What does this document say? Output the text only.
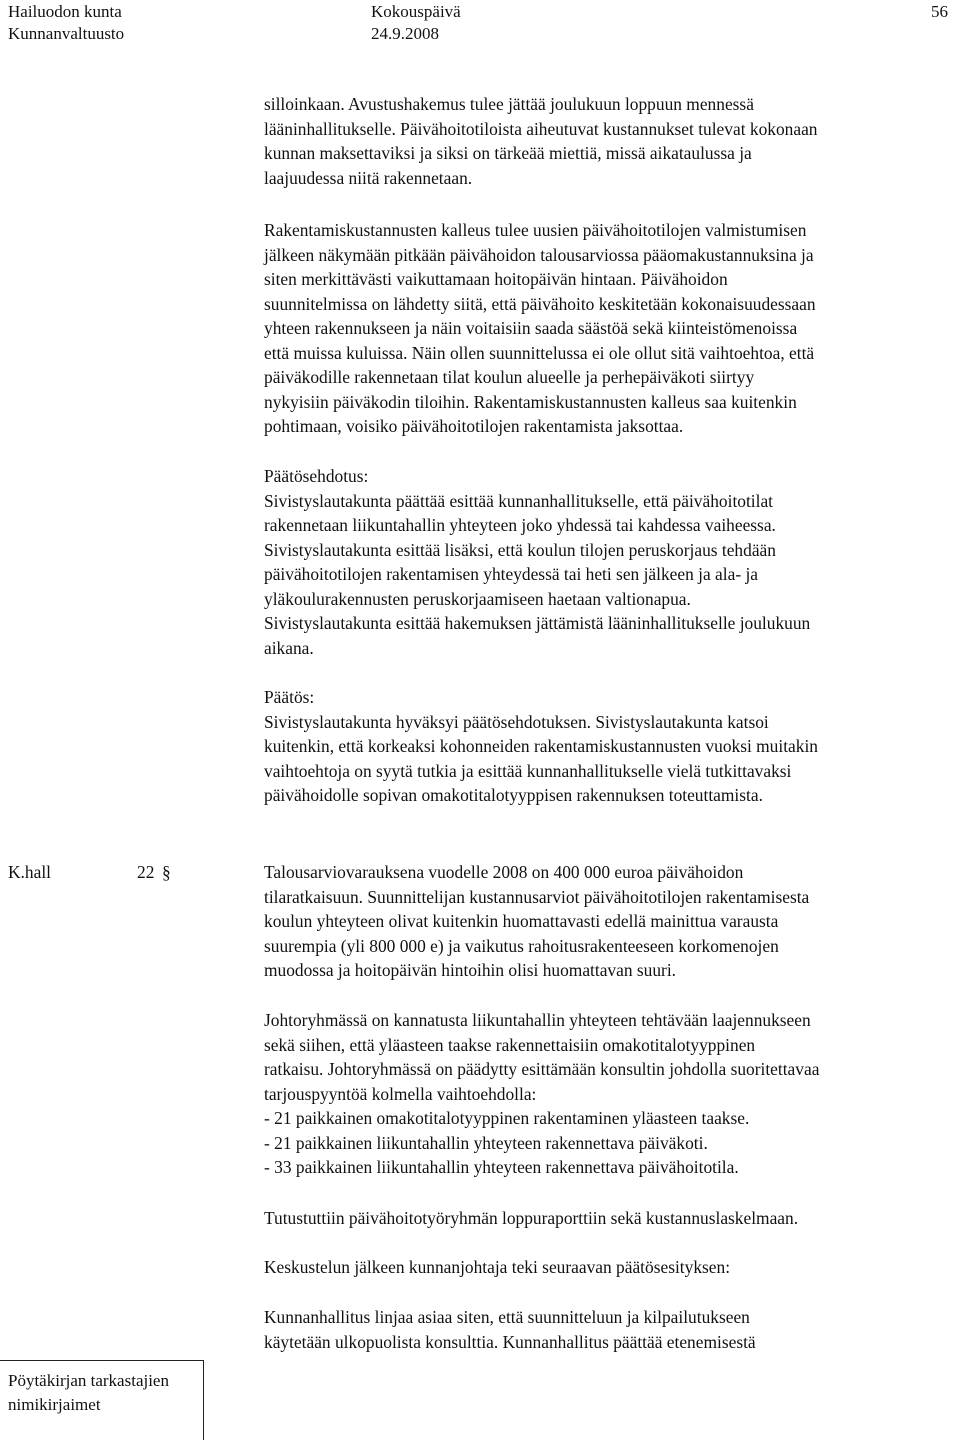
Hailuodon kunta
Kunnanvaltuusto
Kokouspäivä
24.9.2008
56
silloinkaan. Avustushakemus tulee jättää joulukuun loppuun mennessä
lääninhallitukselle. Päivähoitotiloista aiheutuvat kustannukset tulevat kokonaan
kunnan maksettaviksi ja siksi on tärkeää miettiä, missä aikataulussa ja
laajuudessa niitä rakennetaan.
Rakentamiskustannusten kalleus tulee uusien päivähoitotilojen valmistumisen
jälkeen näkymään pitkään päivähoidon talousarviossa pääomakustannuksina ja
siten merkittävästi vaikuttamaan hoitopäivän hintaan. Päivähoidon
suunnitelmissa on lähdetty siitä, että päivähoito keskitetään kokonaisuudessaan
yhteen rakennukseen ja näin voitaisiin saada säästöä sekä kiinteistömenoissa
että muissa kuluissa. Näin ollen suunnittelussa ei ole ollut sitä vaihtoehtoa, että
päiväkodille rakennetaan tilat koulun alueelle ja perhepäiväkoti siirtyy
nykyisiin päiväkodin tiloihin. Rakentamiskustannusten kalleus saa kuitenkin
pohtimaan, voisiko päivähoitotilojen rakentamista jaksottaa.
Päätösehdotus:
Sivistyslautakunta päättää esittää kunnanhallitukselle, että päivähoitotilat
rakennetaan liikuntahallin yhteyteen joko yhdessä tai kahdessa vaiheessa.
Sivistyslautakunta esittää lisäksi, että koulun tilojen peruskorjaus tehdään
päivähoitotilojen rakentamisen yhteydessä tai heti sen jälkeen ja ala- ja
yläkoulurakennusten peruskorjaamiseen haetaan valtionapua.
Sivistyslautakunta esittää hakemuksen jättämistä lääninhallitukselle joulukuun
aikana.
Päätös:
Sivistyslautakunta hyväksyi päätösehdotuksen. Sivistyslautakunta katsoi
kuitenkin, että korkeaksi kohonneiden rakentamiskustannusten vuoksi muitakin
vaihtoehtoja on syytä tutkia ja esittää kunnanhallitukselle vielä tutkittavaksi
päivähoidolle sopivan omakotitalotyyppisen rakennuksen toteuttamista.
K.hall	22 §	Talousarviovarauksena vuodelle 2008 on 400 000 euroa päivähoidon
tilaratkaisuun. Suunnittelijan kustannusarviot päivähoitotilojen rakentamisesta
koulun yhteyteen olivat kuitenkin huomattavasti edellä mainittua varausta
suurempia (yli 800 000 e) ja vaikutus rahoitusrakenteeseen korkomenojen
muodossa ja hoitopäivän hintoihin olisi huomattavan suuri.
Johtoryhmässä on kannatusta liikuntahallin yhteyteen tehtävään laajennukseen
sekä siihen, että yläasteen taakse rakennettaisiin omakotitalotyyppinen
ratkaisu. Johtoryhmässä on päädytty esittämään konsultin johdolla suoritettavaa
tarjouspyyntöä kolmella vaihtoehdolla:
- 21 paikkainen omakotitalotyyppinen rakentaminen yläasteen taakse.
- 21 paikkainen liikuntahallin yhteyteen rakennettava päiväkoti.
- 33 paikkainen liikuntahallin yhteyteen rakennettava päivähoitotila.
Tutustuttiin päivähoitotyöryhmän loppuraporttiin sekä kustannuslaskelmaan.
Keskustelun jälkeen kunnanjohtaja teki seuraavan päätösesityksen:
Kunnanhallitus linjaa asiaa siten, että suunnitteluun ja kilpailutukseen
käytetään ulkopuolista konsulttia. Kunnanhallitus päättää etenemisestä
Pöytäkirjan tarkastajien
nimikirjaimet
